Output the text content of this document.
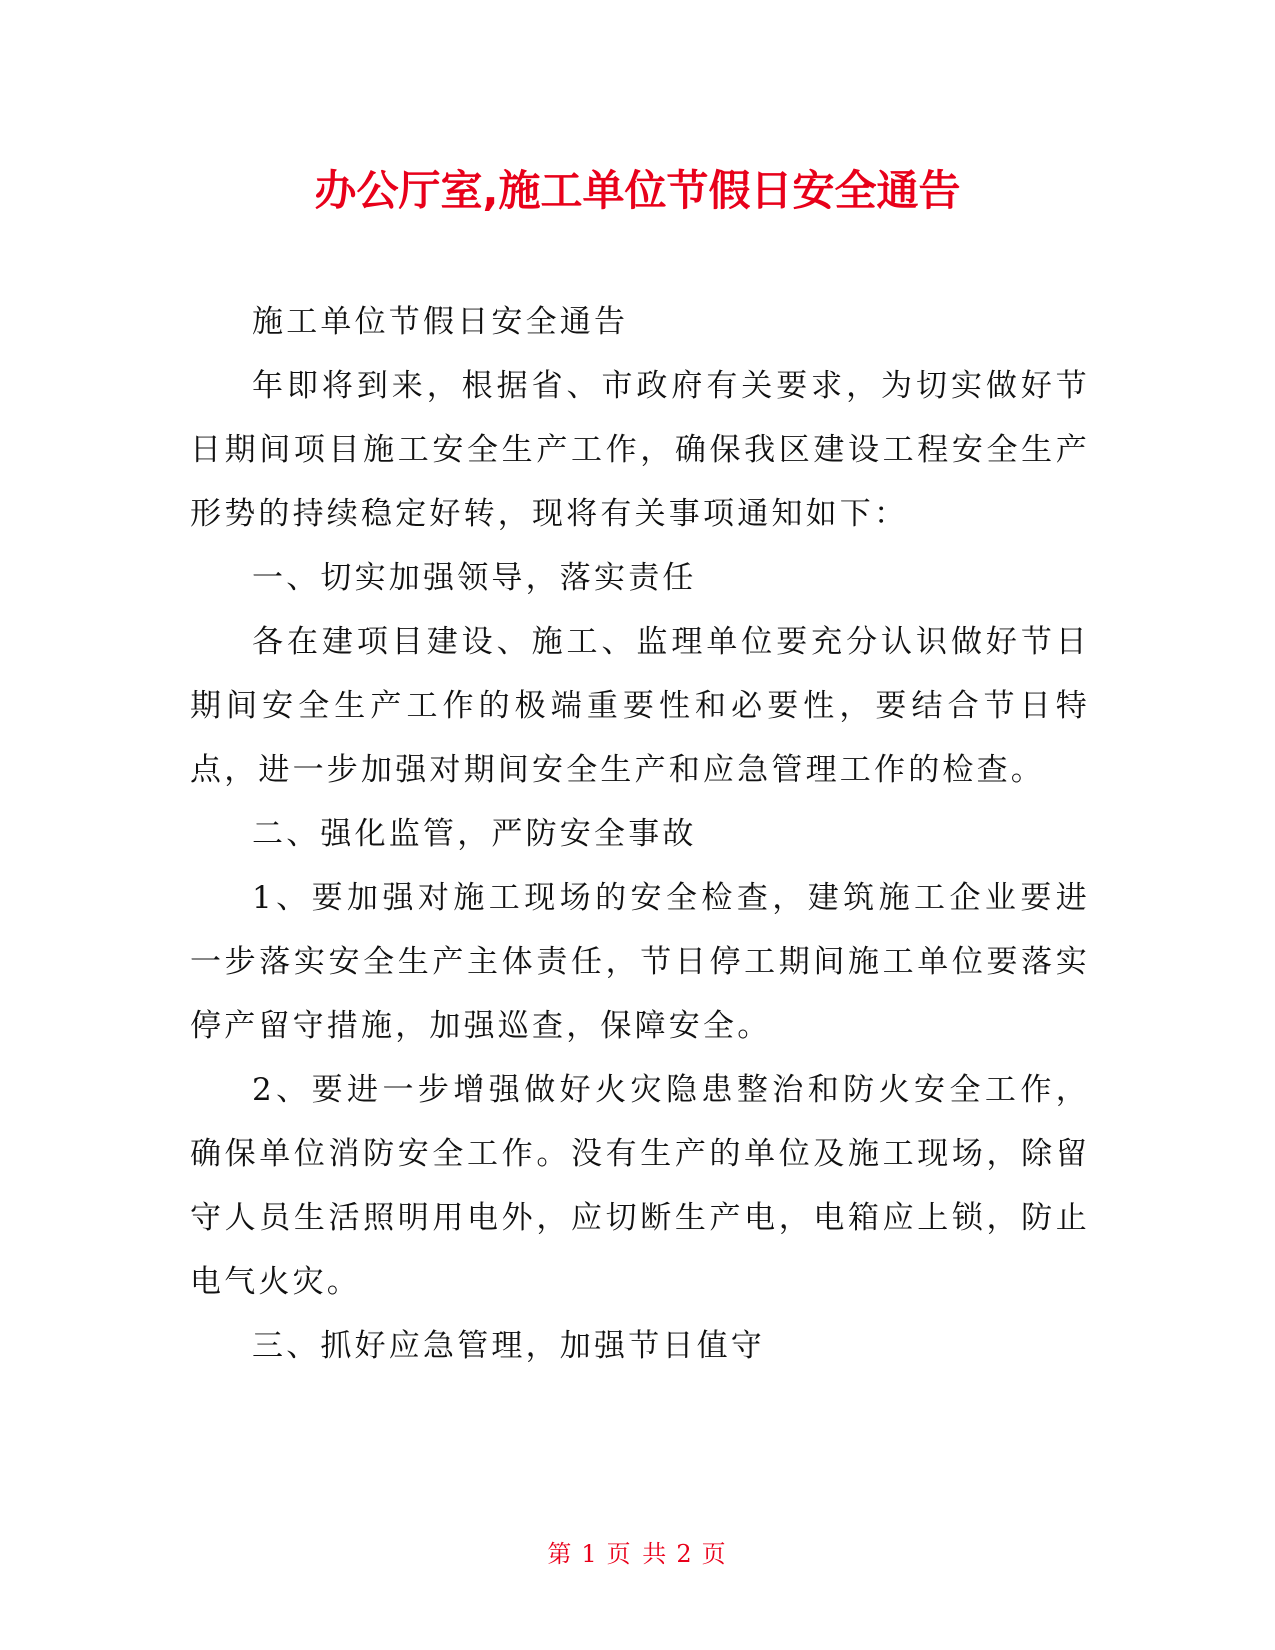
办公厅室,施工单位节假日安全通告

施工单位节假日安全通告

年即将到来，根据省、市政府有关要求，为切实做好节日期间项目施工安全生产工作，确保我区建设工程安全生产形势的持续稳定好转，现将有关事项通知如下：

一、切实加强领导，落实责任

各在建项目建设、施工、监理单位要充分认识做好节日期间安全生产工作的极端重要性和必要性，要结合节日特点，进一步加强对期间安全生产和应急管理工作的检查。

二、强化监管，严防安全事故

1、要加强对施工现场的安全检查，建筑施工企业要进一步落实安全生产主体责任，节日停工期间施工单位要落实停产留守措施，加强巡查，保障安全。

2、要进一步增强做好火灾隐患整治和防火安全工作，确保单位消防安全工作。没有生产的单位及施工现场，除留守人员生活照明用电外，应切断生产电，电箱应上锁，防止电气火灾。

三、抓好应急管理，加强节日值守

第 1 页 共 2 页
